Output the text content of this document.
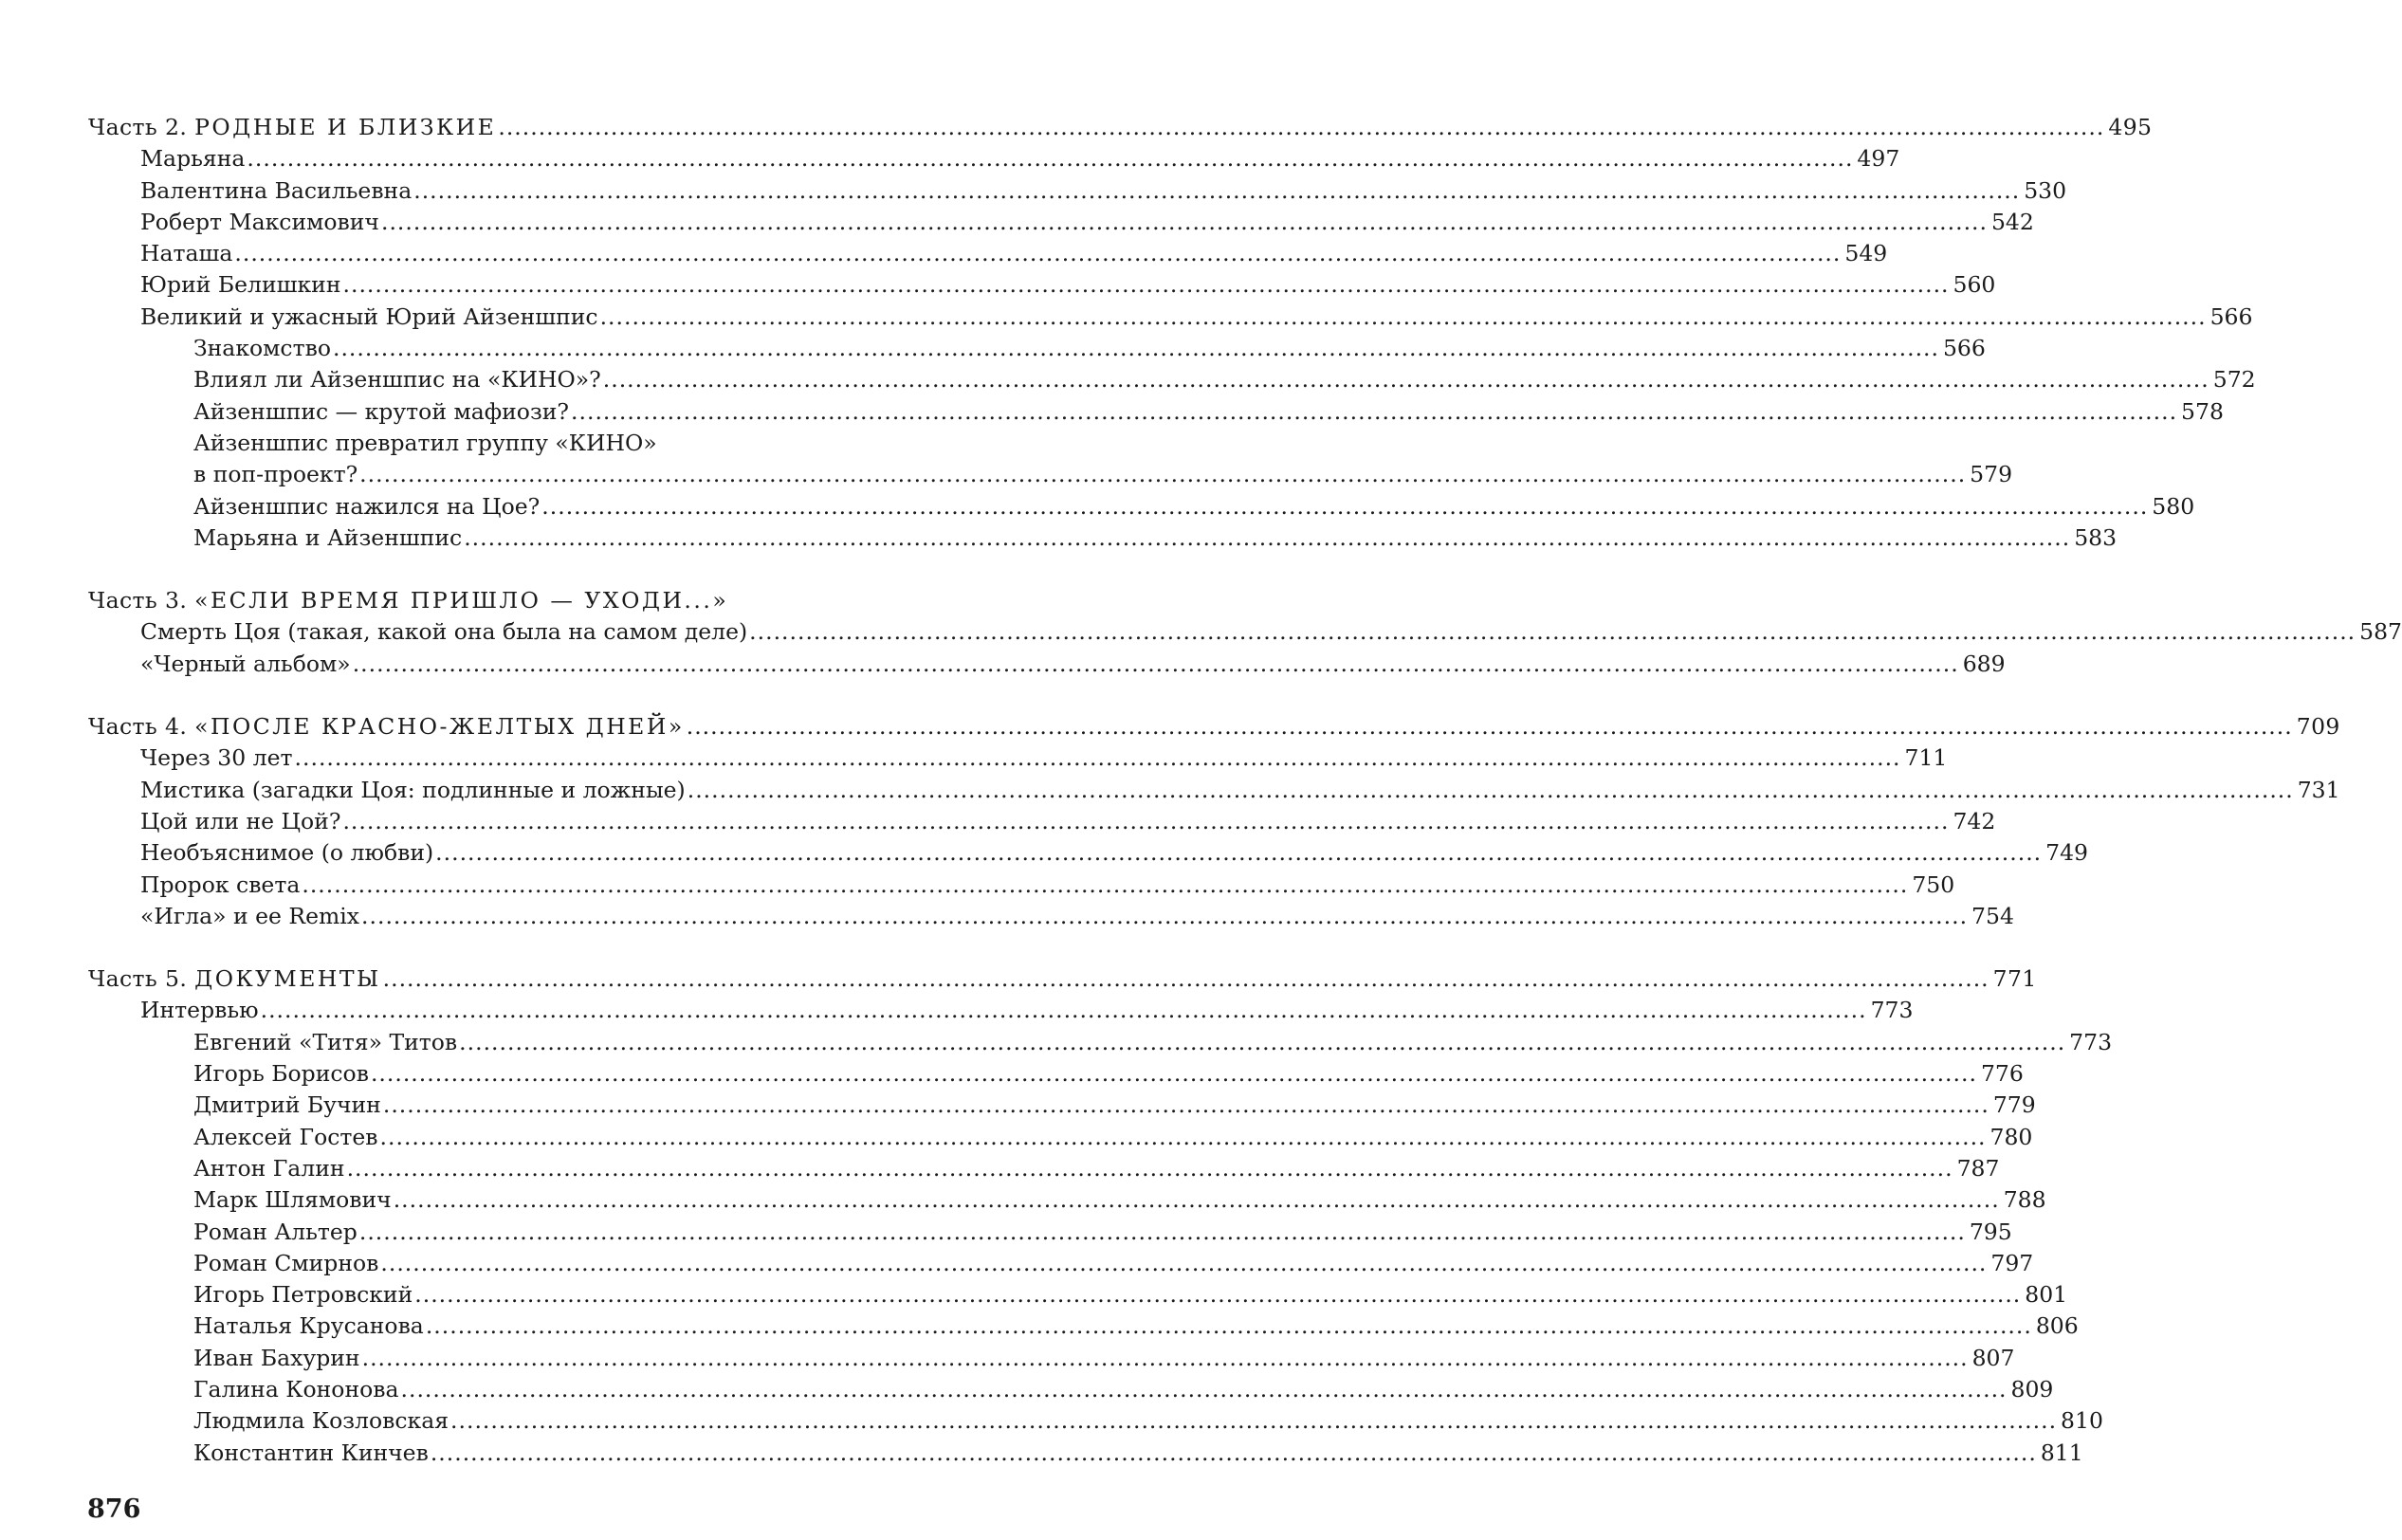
Часть 2. РОДНЫЕ И БЛИЗКИЕ ........................................................................................................................................................................................................ 495
Марьяна ........................................................................................................................................................................................................ 497
Валентина Васильевна ........................................................................................................................................................................................................ 530
Роберт Максимович ........................................................................................................................................................................................................ 542
Наташа ........................................................................................................................................................................................................ 549
Юрий Белишкин ........................................................................................................................................................................................................ 560
Великий и ужасный Юрий Айзеншпис ........................................................................................................................................................................................................ 566
Знакомство ........................................................................................................................................................................................................ 566
Влиял ли Айзеншпис на «КИНО»? ........................................................................................................................................................................................................ 572
Айзеншпис — крутой мафиози? ........................................................................................................................................................................................................ 578
Айзеншпис превратил группу «КИНО»
в поп-проект? ........................................................................................................................................................................................................ 579
Айзеншпис нажился на Цое? ........................................................................................................................................................................................................ 580
Марьяна и Айзеншпис ........................................................................................................................................................................................................ 583
Часть 3. «ЕСЛИ ВРЕМЯ ПРИШЛО — УХОДИ...»
Смерть Цоя (такая, какой она была на самом деле) ........................................................................................................................................................................................................ 587
«Черный альбом» ........................................................................................................................................................................................................ 689
Часть 4. «ПОСЛЕ КРАСНО-ЖЕЛТЫХ ДНЕЙ» ........................................................................................................................................................................................................ 709
Через 30 лет ........................................................................................................................................................................................................ 711
Мистика (загадки Цоя: подлинные и ложные) ........................................................................................................................................................................................................ 731
Цой или не Цой? ........................................................................................................................................................................................................ 742
Необъяснимое (о любви) ........................................................................................................................................................................................................ 749
Пророк света ........................................................................................................................................................................................................ 750
«Игла» и ее Remix ........................................................................................................................................................................................................ 754
Часть 5. ДОКУМЕНТЫ ........................................................................................................................................................................................................ 771
Интервью ........................................................................................................................................................................................................ 773
Евгений «Титя» Титов ........................................................................................................................................................................................................ 773
Игорь Борисов ........................................................................................................................................................................................................ 776
Дмитрий Бучин ........................................................................................................................................................................................................ 779
Алексей Гостев ........................................................................................................................................................................................................ 780
Антон Галин ........................................................................................................................................................................................................ 787
Марк Шлямович ........................................................................................................................................................................................................ 788
Роман Альтер ........................................................................................................................................................................................................ 795
Роман Смирнов ........................................................................................................................................................................................................ 797
Игорь Петровский ........................................................................................................................................................................................................ 801
Наталья Крусанова ........................................................................................................................................................................................................ 806
Иван Бахурин ........................................................................................................................................................................................................ 807
Галина Кононова ........................................................................................................................................................................................................ 809
Людмила Козловская ........................................................................................................................................................................................................ 810
Константин Кинчев ........................................................................................................................................................................................................ 811
876
